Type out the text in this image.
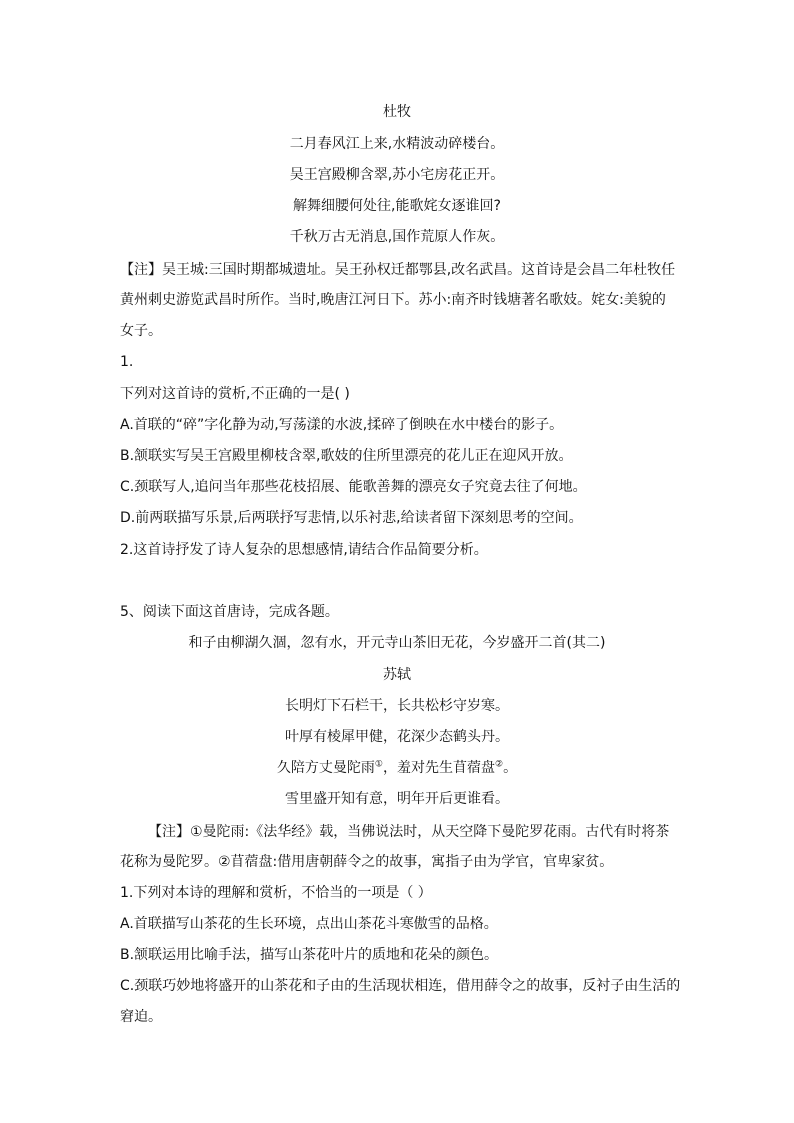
杜牧
二月春风江上来,水精波动碎楼台。
吴王宫殿柳含翠,苏小宅房花正开。
解舞细腰何处往,能歌姹女逐谁回?
千秋万古无消息,国作荒原人作灰。
【注】吴王城:三国时期都城遗址。吴王孙权迁都鄂县,改名武昌。这首诗是会昌二年杜牧任
黄州刺史游览武昌时所作。当时,晚唐江河日下。苏小:南齐时钱塘著名歌妓。姹女:美貌的
女子。
1.
下列对这首诗的赏析,不正确的一是( )
A.首联的“碎”字化静为动,写荡漾的水波,揉碎了倒映在水中楼台的影子。
B.颔联实写吴王宫殿里柳枝含翠,歌妓的住所里漂亮的花儿正在迎风开放。
C.颈联写人,追问当年那些花枝招展、能歌善舞的漂亮女子究竟去往了何地。
D.前两联描写乐景,后两联抒写悲情,以乐衬悲,给读者留下深刻思考的空间。
2.这首诗抒发了诗人复杂的思想感情,请结合作品简要分析。
5、阅读下面这首唐诗，完成各题。
和子由柳湖久涸，忽有水，开元寺山茶旧无花，今岁盛开二首(其二)
苏轼
长明灯下石栏干，长共松杉守岁寒。
叶厚有棱犀甲健，花深少态鹤头丹。
久陪方丈曼陀雨①，羞对先生苜蓿盘②。
雪里盛开知有意，明年开后更谁看。
【注】①曼陀雨:《法华经》载，当佛说法时，从天空降下曼陀罗花雨。古代有时将茶
花称为曼陀罗。②苜蓿盘:借用唐朝薛令之的故事，寓指子由为学官，官卑家贫。
1.下列对本诗的理解和赏析，不恰当的一项是（ ）
A.首联描写山茶花的生长环境，点出山茶花斗寒傲雪的品格。
B.颔联运用比喻手法，描写山茶花叶片的质地和花朵的颜色。
C.颈联巧妙地将盛开的山茶花和子由的生活现状相连，借用薛令之的故事，反衬子由生活的
窘迫。
